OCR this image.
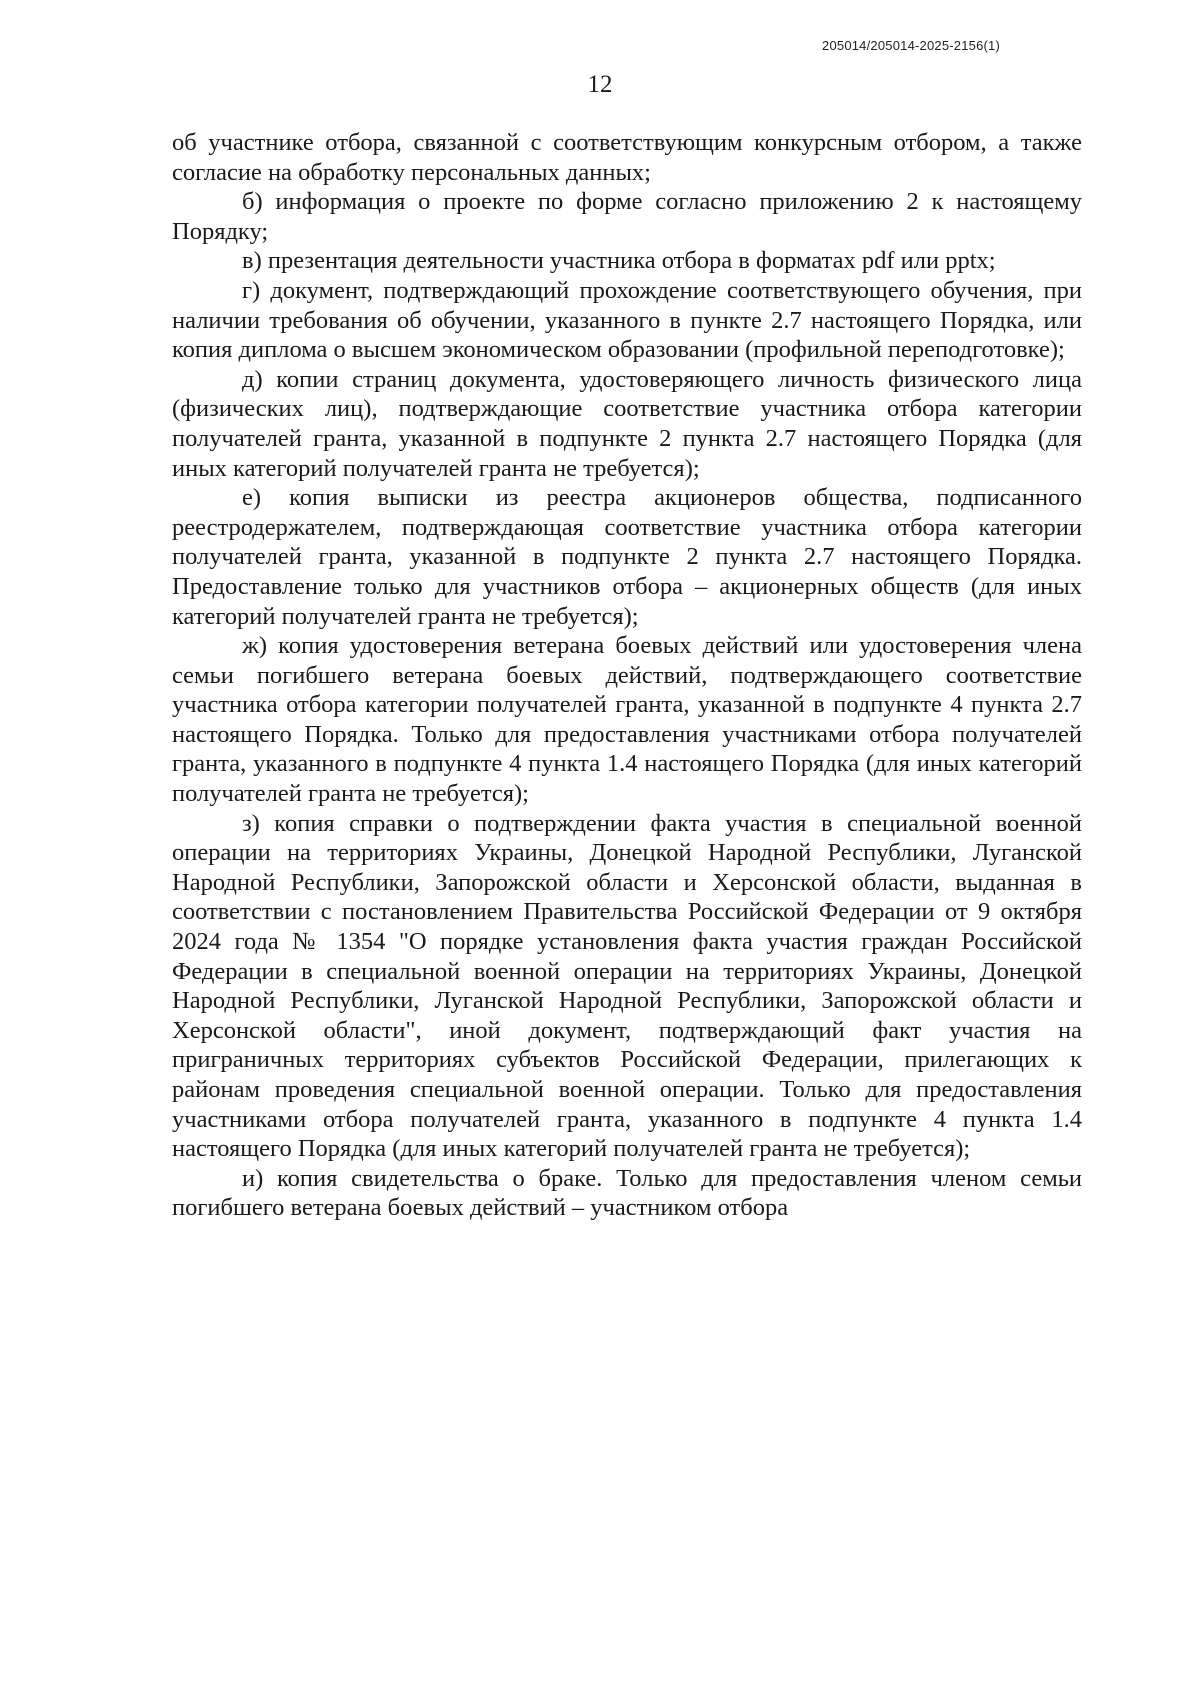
205014/205014-2025-2156(1)
12

об участнике отбора, связанной с соответствующим конкурсным отбором, а также согласие на обработку персональных данных;

б) информация о проекте по форме согласно приложению 2 к настоящему Порядку;

в) презентация деятельности участника отбора в форматах pdf или pptx;

г) документ, подтверждающий прохождение соответствующего обучения, при наличии требования об обучении, указанного в пункте 2.7 настоящего Порядка, или копия диплома о высшем экономическом образовании (профильной переподготовке);

д) копии страниц документа, удостоверяющего личность физического лица (физических лиц), подтверждающие соответствие участника отбора категории получателей гранта, указанной в подпункте 2 пункта 2.7 настоящего Порядка (для иных категорий получателей гранта не требуется);

е) копия выписки из реестра акционеров общества, подписанного реестродержателем, подтверждающая соответствие участника отбора категории получателей гранта, указанной в подпункте 2 пункта 2.7 настоящего Порядка. Предоставление только для участников отбора – акционерных обществ (для иных категорий получателей гранта не требуется);

ж) копия удостоверения ветерана боевых действий или удостоверения члена семьи погибшего ветерана боевых действий, подтверждающего соответствие участника отбора категории получателей гранта, указанной в подпункте 4 пункта 2.7 настоящего Порядка. Только для предоставления участниками отбора получателей гранта, указанного в подпункте 4 пункта 1.4 настоящего Порядка (для иных категорий получателей гранта не требуется);

з) копия справки о подтверждении факта участия в специальной военной операции на территориях Украины, Донецкой Народной Республики, Луганской Народной Республики, Запорожской области и Херсонской области, выданная в соответствии с постановлением Правительства Российской Федерации от 9 октября 2024 года № 1354 "О порядке установления факта участия граждан Российской Федерации в специальной военной операции на территориях Украины, Донецкой Народной Республики, Луганской Народной Республики, Запорожской области и Херсонской области", иной документ, подтверждающий факт участия на приграничных территориях субъектов Российской Федерации, прилегающих к районам проведения специальной военной операции. Только для предоставления участниками отбора получателей гранта, указанного в подпункте 4 пункта 1.4 настоящего Порядка (для иных категорий получателей гранта не требуется);

и) копия свидетельства о браке. Только для предоставления членом семьи погибшего ветерана боевых действий – участником отбора
